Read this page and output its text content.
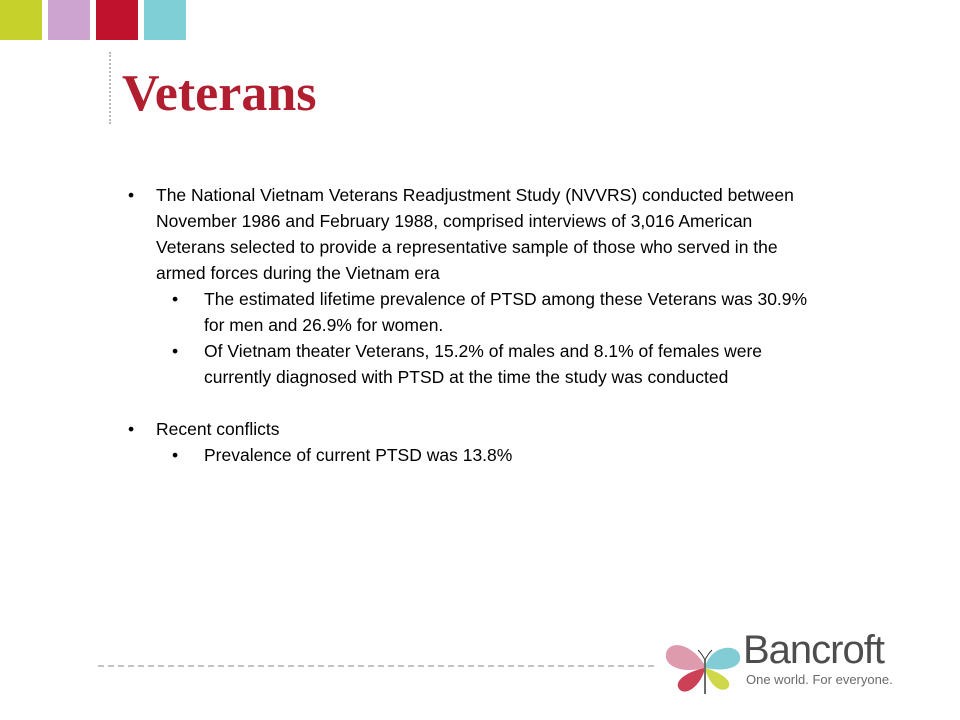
Veterans

• The National Vietnam Veterans Readjustment Study (NVVRS) conducted between November 1986 and February 1988, comprised interviews of 3,016 American Veterans selected to provide a representative sample of those who served in the armed forces during the Vietnam era

• The estimated lifetime prevalence of PTSD among these Veterans was 30.9% for men and 26.9% for women.

• Of Vietnam theater Veterans, 15.2% of males and 8.1% of females were currently diagnosed with PTSD at the time the study was conducted

• Recent conflicts

• Prevalence of current PTSD was 13.8%

Bancroft

One world. For everyone.
